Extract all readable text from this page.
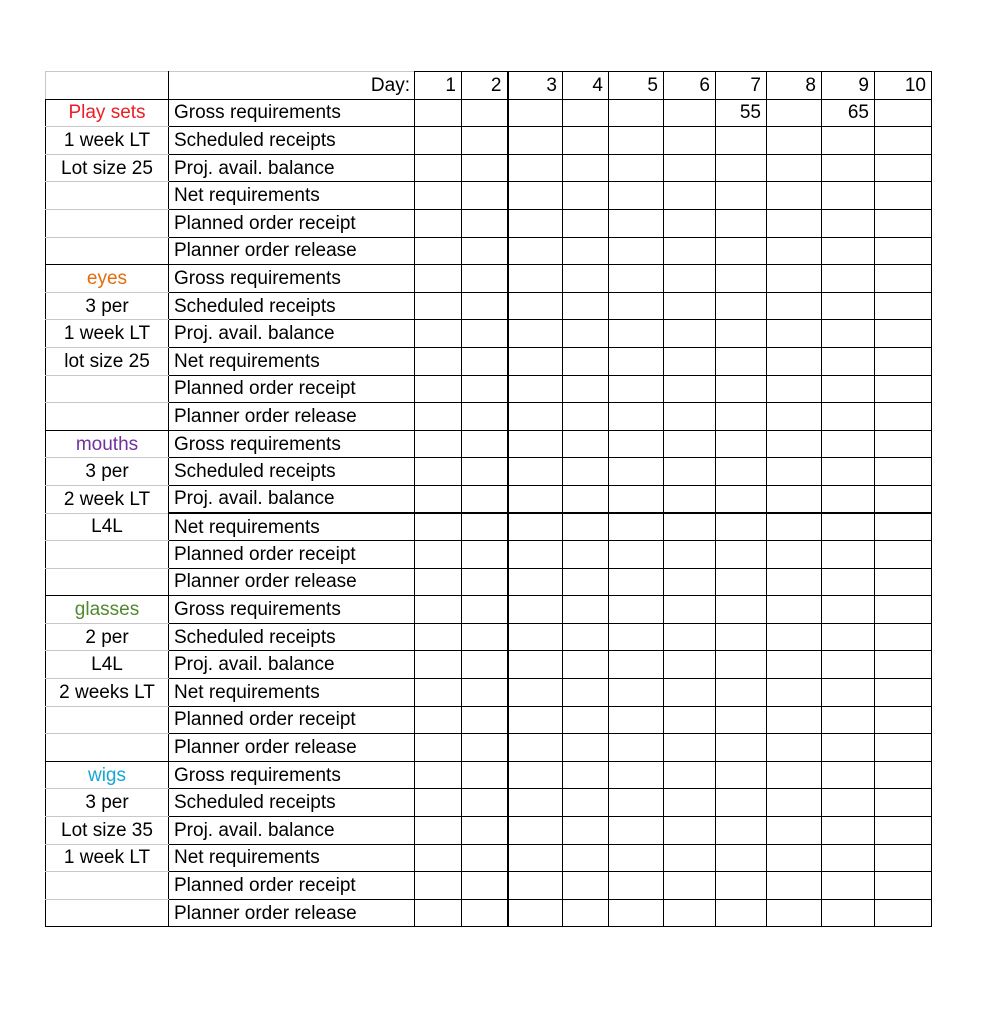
	Day:	1	2	3	4	5	6	7	8	9	10
Play sets	Gross requirements							55		65	
1 week LT	Scheduled receipts										
Lot size 25	Proj. avail. balance										
	Net requirements										
	Planned order receipt										
	Planner order release										
eyes	Gross requirements										
3 per	Scheduled receipts										
1 week LT	Proj. avail. balance										
lot size 25	Net requirements										
	Planned order receipt										
	Planner order release										
mouths	Gross requirements										
3 per	Scheduled receipts										
2 week LT	Proj. avail. balance										
L4L	Net requirements										
	Planned order receipt										
	Planner order release										
glasses	Gross requirements										
2 per	Scheduled receipts										
L4L	Proj. avail. balance										
2 weeks LT	Net requirements										
	Planned order receipt										
	Planner order release										
wigs	Gross requirements										
3 per	Scheduled receipts										
Lot size 35	Proj. avail. balance										
1 week LT	Net requirements										
	Planned order receipt										
	Planner order release										
